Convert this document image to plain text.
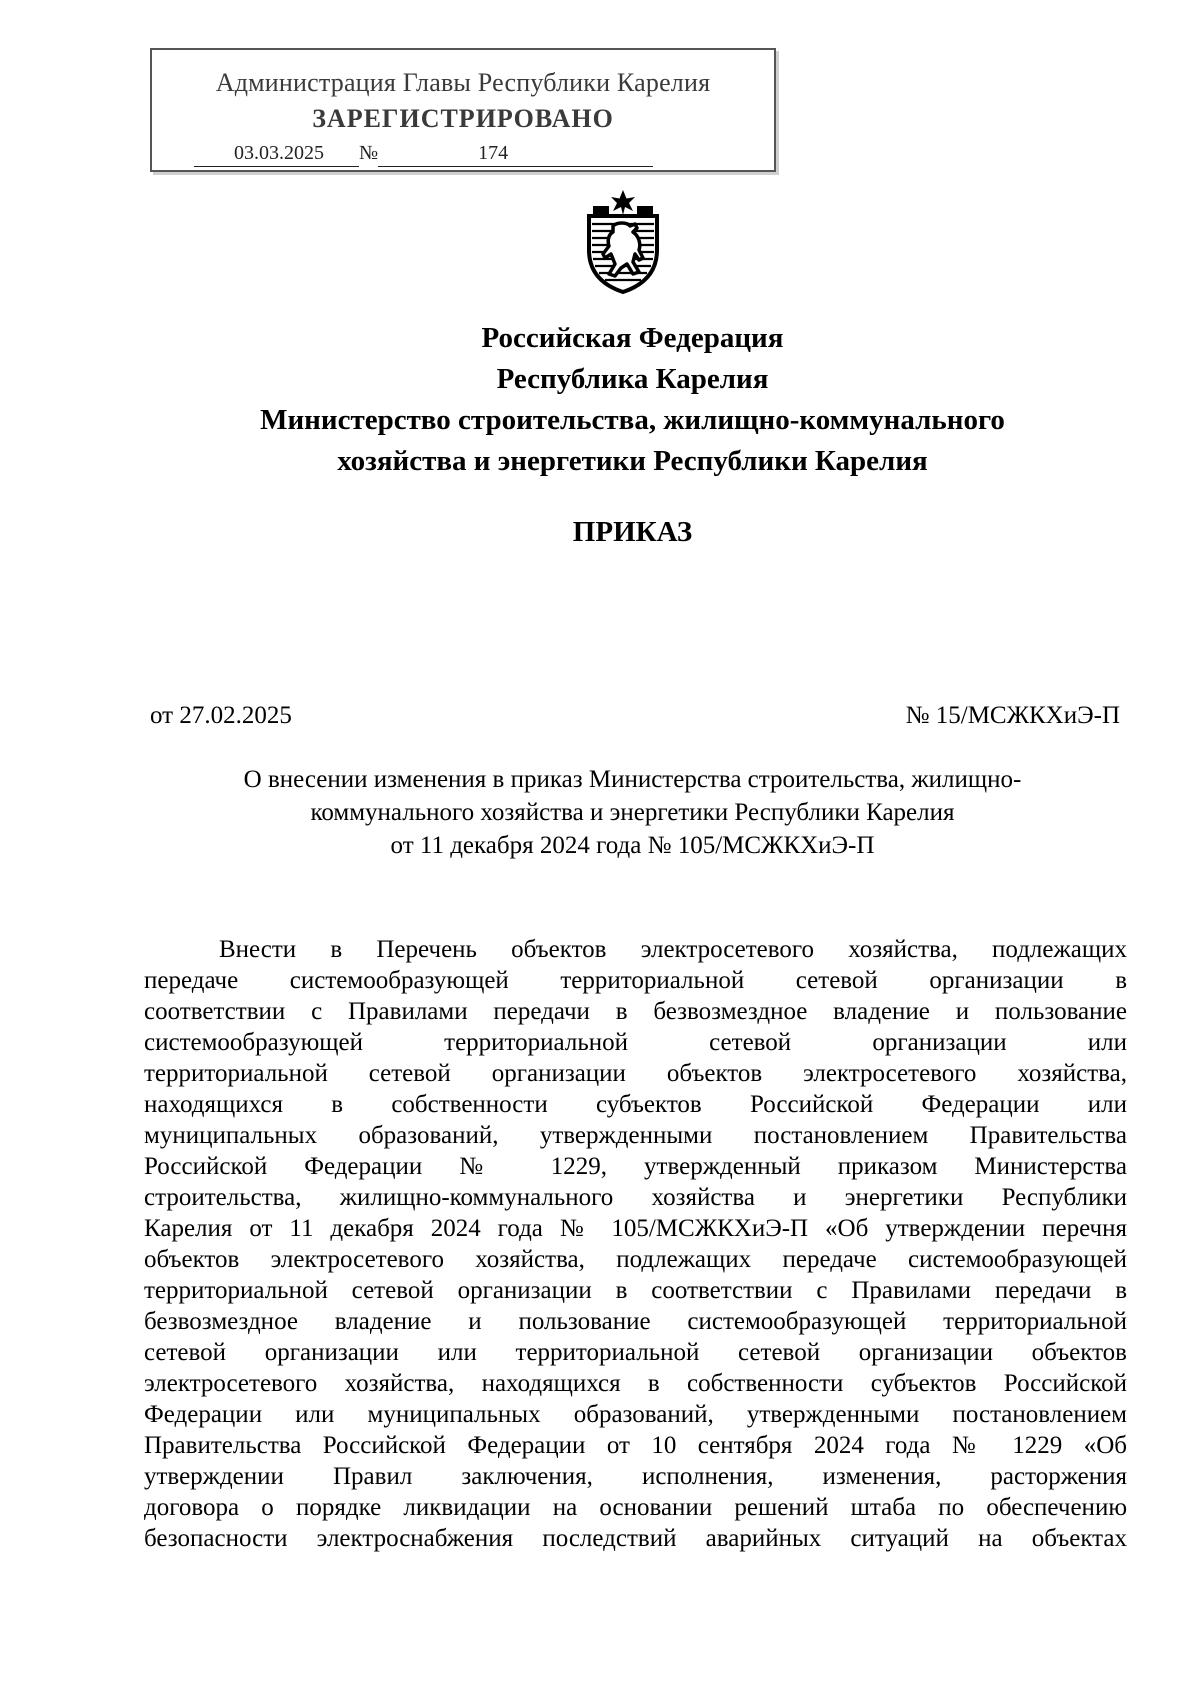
Администрация Главы Республики Карелия
ЗАРЕГИСТРИРОВАНО
03.03.2025 №	174
Российская Федерация
Республика Карелия
Министерство строительства, жилищно-коммунального
хозяйства и энергетики Республики Карелия
ПРИКАЗ
от 27.02.2025	№ 15/МСЖКХиЭ-П
О внесении изменения в приказ Министерства строительства, жилищно-
коммунального хозяйства и энергетики Республики Карелия
от 11 декабря 2024 года № 105/МСЖКХиЭ-П
Внести в Перечень объектов электросетевого хозяйства, подлежащих
передаче системообразующей территориальной сетевой организации в
соответствии с Правилами передачи в безвозмездное владение и пользование
системообразующей территориальной сетевой организации или
территориальной сетевой организации объектов электросетевого хозяйства,
находящихся в собственности субъектов Российской Федерации или
муниципальных образований, утвержденными постановлением Правительства
Российской Федерации № 1229, утвержденный приказом Министерства
строительства, жилищно-коммунального хозяйства и энергетики Республики
Карелия от 11 декабря 2024 года № 105/МСЖКХиЭ-П «Об утверждении перечня
объектов электросетевого хозяйства, подлежащих передаче системообразующей
территориальной сетевой организации в соответствии с Правилами передачи в
безвозмездное владение и пользование системообразующей территориальной
сетевой организации или территориальной сетевой организации объектов
электросетевого хозяйства, находящихся в собственности субъектов Российской
Федерации или муниципальных образований, утвержденными постановлением
Правительства Российской Федерации от 10 сентября 2024 года № 1229 «Об
утверждении Правил заключения, исполнения, изменения, расторжения
договора о порядке ликвидации на основании решений штаба по обеспечению
безопасности электроснабжения последствий аварийных ситуаций на объектах
